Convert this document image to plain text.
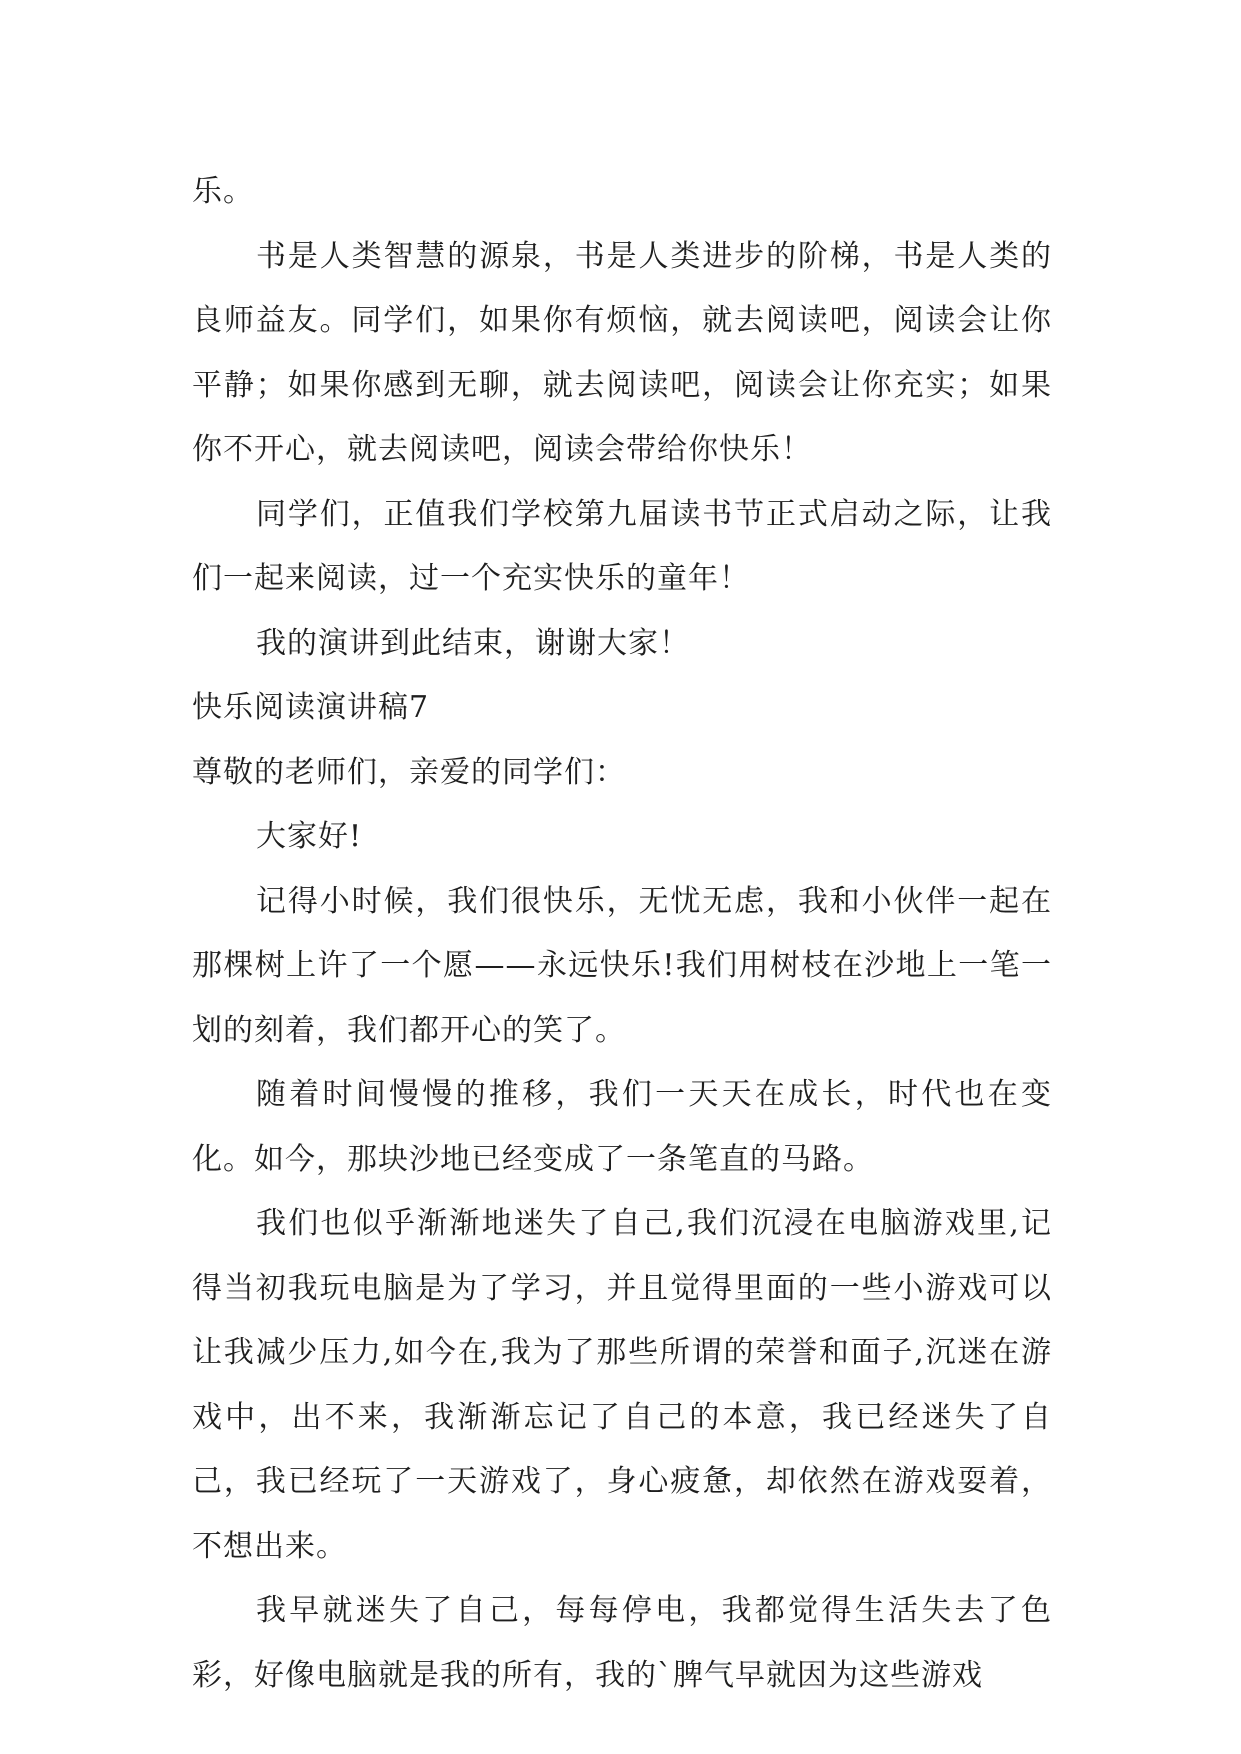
乐。

书是人类智慧的源泉，书是人类进步的阶梯，书是人类的良师益友。同学们，如果你有烦恼，就去阅读吧，阅读会让你平静；如果你感到无聊，就去阅读吧，阅读会让你充实；如果你不开心，就去阅读吧，阅读会带给你快乐！

同学们，正值我们学校第九届读书节正式启动之际，让我们一起来阅读，过一个充实快乐的童年！

我的演讲到此结束，谢谢大家！

快乐阅读演讲稿7

尊敬的老师们，亲爱的同学们：

大家好!

记得小时候，我们很快乐，无忧无虑，我和小伙伴一起在那棵树上许了一个愿——永远快乐!我们用树枝在沙地上一笔一划的刻着，我们都开心的笑了。

随着时间慢慢的推移，我们一天天在成长，时代也在变化。如今，那块沙地已经变成了一条笔直的马路。

我们也似乎渐渐地迷失了自己,我们沉浸在电脑游戏里,记得当初我玩电脑是为了学习，并且觉得里面的一些小游戏可以让我减少压力,如今在,我为了那些所谓的荣誉和面子,沉迷在游戏中，出不来，我渐渐忘记了自己的本意，我已经迷失了自己，我已经玩了一天游戏了，身心疲惫，却依然在游戏耍着，不想出来。

我早就迷失了自己，每每停电，我都觉得生活失去了色彩，好像电脑就是我的所有，我的`脾气早就因为这些游戏
